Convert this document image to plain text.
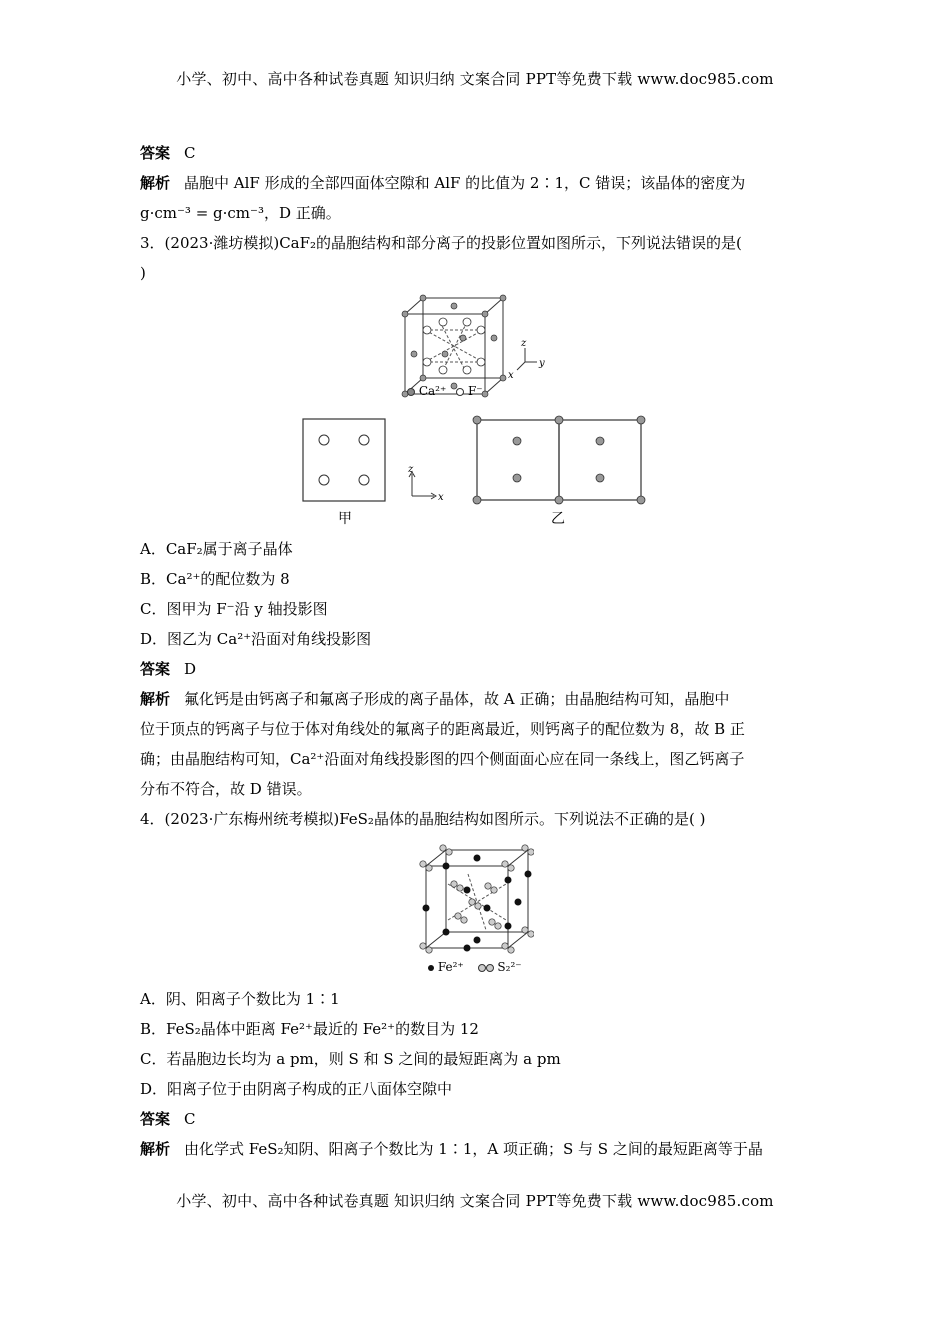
小学、初中、高中各种试卷真题 知识归纳 文案合同 PPT等免费下载 www.doc985.com
答案 C
解析 晶胞中 AlF 形成的全部四面体空隙和 AlF 的比值为 2∶1，C 错误；该晶体的密度为
g·cm⁻³ = g·cm⁻³，D 正确。
3．(2023·潍坊模拟)CaF₂的晶胞结构和部分离子的投影位置如图所示，下列说法错误的是(
)
z
y
x
Ca²⁺ F⁻
z
x
甲	乙
A．CaF₂属于离子晶体
B．Ca²⁺的配位数为 8
C．图甲为 F⁻沿 y 轴投影图
D．图乙为 Ca²⁺沿面对角线投影图
答案 D
解析 氟化钙是由钙离子和氟离子形成的离子晶体，故 A 正确；由晶胞结构可知，晶胞中
位于顶点的钙离子与位于体对角线处的氟离子的距离最近，则钙离子的配位数为 8，故 B 正
确；由晶胞结构可知，Ca²⁺沿面对角线投影图的四个侧面面心应在同一条线上，图乙钙离子
分布不符合，故 D 错误。
4．(2023·广东梅州统考模拟)FeS₂晶体的晶胞结构如图所示。下列说法不正确的是( )
Fe²⁺	S₂²⁻
A．阴、阳离子个数比为 1∶1
B．FeS₂晶体中距离 Fe²⁺最近的 Fe²⁺的数目为 12
C．若晶胞边长均为 a pm，则 S 和 S 之间的最短距离为 a pm
D．阳离子位于由阴离子构成的正八面体空隙中
答案 C
解析 由化学式 FeS₂知阴、阳离子个数比为 1∶1，A 项正确；S 与 S 之间的最短距离等于晶
小学、初中、高中各种试卷真题 知识归纳 文案合同 PPT等免费下载 www.doc985.com
